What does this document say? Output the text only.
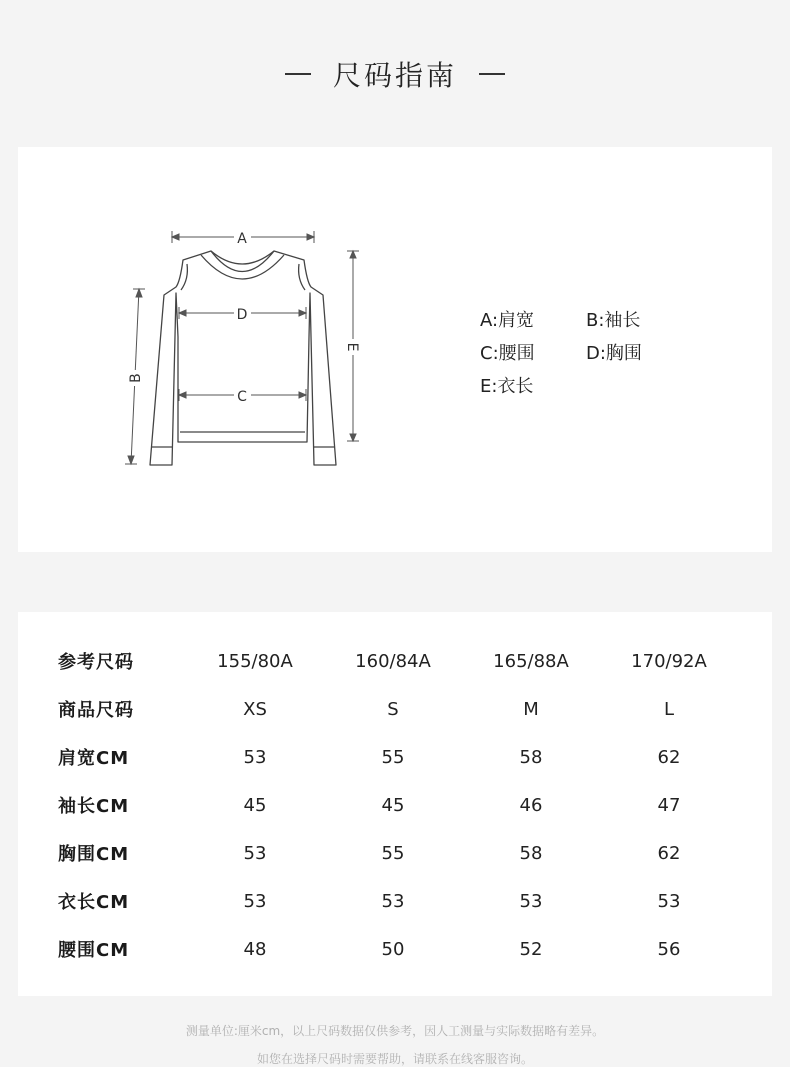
尺码指南
A
D
C
B
E
A:肩宽	B:袖长
C:腰围	D:胸围
E:衣长
参考尺码	155/80A	160/84A	165/88A	170/92A
商品尺码	XS	S	M	L
肩宽CM	53	55	58	62
袖长CM	45	45	46	47
胸围CM	53	55	58	62
衣长CM	53	53	53	53
腰围CM	48	50	52	56
测量单位:厘米cm，以上尺码数据仅供参考，因人工测量与实际数据略有差异。
如您在选择尺码时需要帮助，请联系在线客服咨询。
